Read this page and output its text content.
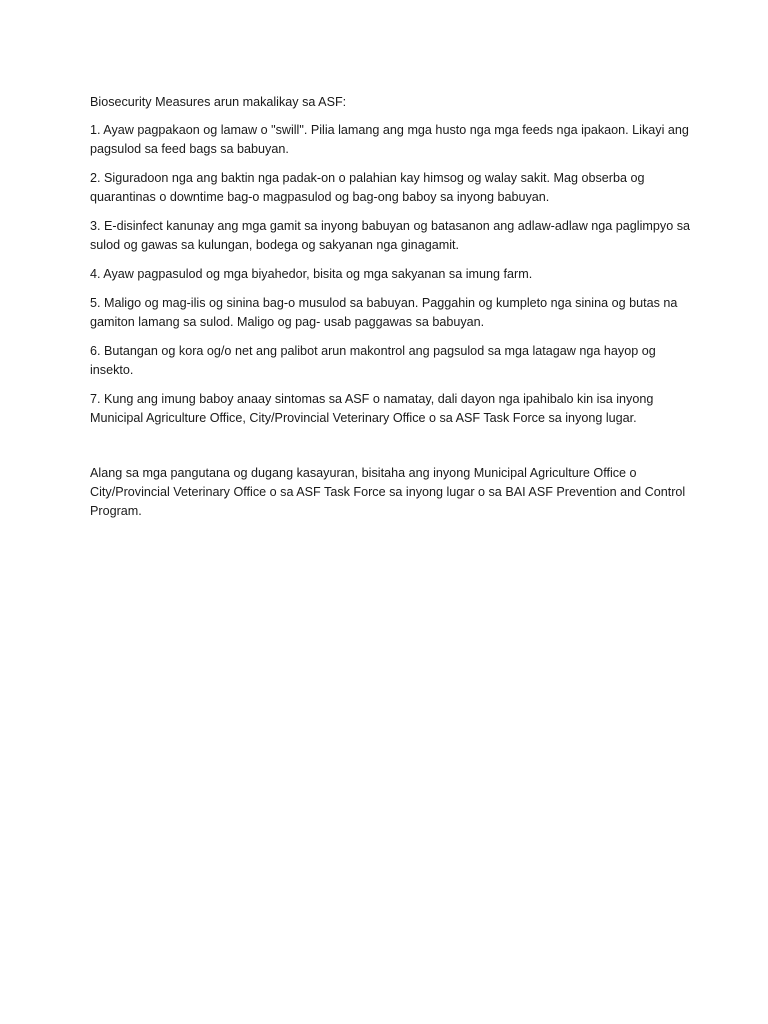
Biosecurity Measures arun makalikay sa ASF:

1. Ayaw pagpakaon og lamaw o "swill". Pilia lamang ang mga husto nga mga feeds nga ipakaon. Likayi ang pagsulod sa feed bags sa babuyan.

2. Siguradoon nga ang baktin nga padak-on o palahian kay himsog og walay sakit. Mag obserba og quarantinas o downtime bag-o magpasulod og bag-ong baboy sa inyong babuyan.

3. E-disinfect kanunay ang mga gamit sa inyong babuyan og batasanon ang adlaw-adlaw nga paglimpyo sa sulod og gawas sa kulungan, bodega og sakyanan nga ginagamit.

4. Ayaw pagpasulod og mga biyahedor, bisita og mga sakyanan sa imung farm.

5. Maligo og mag-ilis og sinina bag-o musulod sa babuyan. Paggahin og kumpleto nga sinina og butas na gamiton lamang sa sulod. Maligo og pag- usab paggawas sa babuyan.

6. Butangan og kora og/o net ang palibot arun makontrol ang pagsulod sa mga latagaw nga hayop og insekto.

7. Kung ang imung baboy anaay sintomas sa ASF o namatay, dali dayon nga ipahibalo kin isa inyong Municipal Agriculture Office, City/Provincial Veterinary Office o sa ASF Task Force sa inyong lugar.

Alang sa mga pangutana og dugang kasayuran, bisitaha ang inyong Municipal Agriculture Office o City/Provincial Veterinary Office o sa ASF Task Force sa inyong lugar o sa BAI ASF Prevention and Control Program.
